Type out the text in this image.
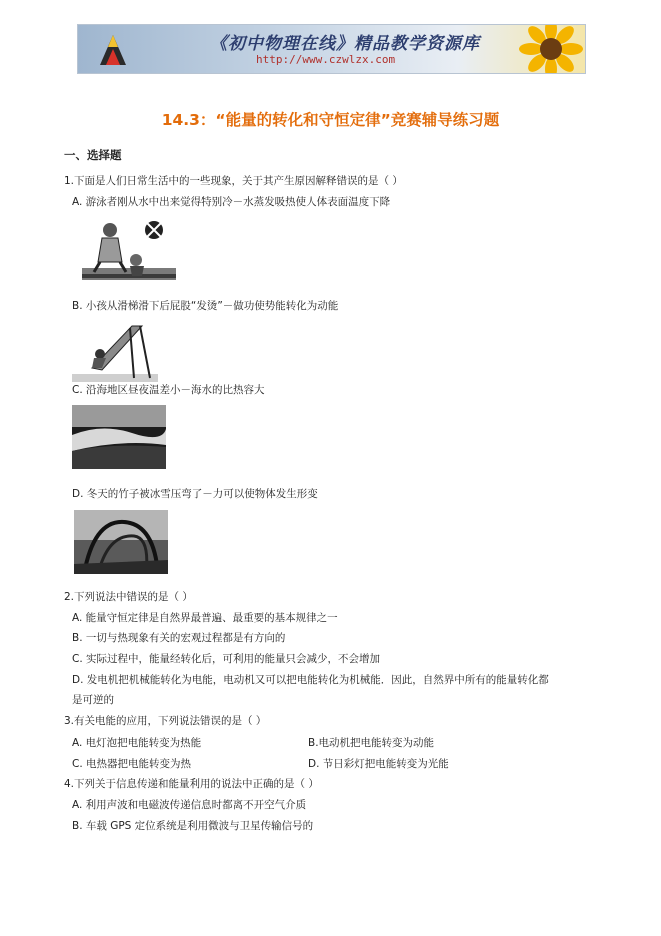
《初中物理在线》精品教学资源库
http://www.czwlzx.com
14.3：“能量的转化和守恒定律”竞赛辅导练习题
一、选择题
1.下面是人们日常生活中的一些现象，关于其产生原因解释错误的是（ ）
A. 游泳者刚从水中出来觉得特别冷－水蒸发吸热使人体表面温度下降
B. 小孩从滑梯滑下后屁股“发烫”－做功使势能转化为动能
C. 沿海地区昼夜温差小－海水的比热容大
D. 冬天的竹子被冰雪压弯了－力可以使物体发生形变
2.下列说法中错误的是（ ）
A. 能量守恒定律是自然界最普遍、最重要的基本规律之一
B. 一切与热现象有关的宏观过程都是有方向的
C. 实际过程中，能量经转化后，可利用的能量只会减少，不会增加
D. 发电机把机械能转化为电能，电动机又可以把电能转化为机械能．因此，自然界中所有的能量转化都
是可逆的
3.有关电能的应用，下列说法错误的是（ ）
A. 电灯泡把电能转变为热能	B.电动机把电能转变为动能
C. 电热器把电能转变为热	D. 节日彩灯把电能转变为光能
4.下列关于信息传递和能量利用的说法中正确的是（ ）
A. 利用声波和电磁波传递信息时都离不开空气介质
B. 车载 GPS 定位系统是利用微波与卫星传输信号的
